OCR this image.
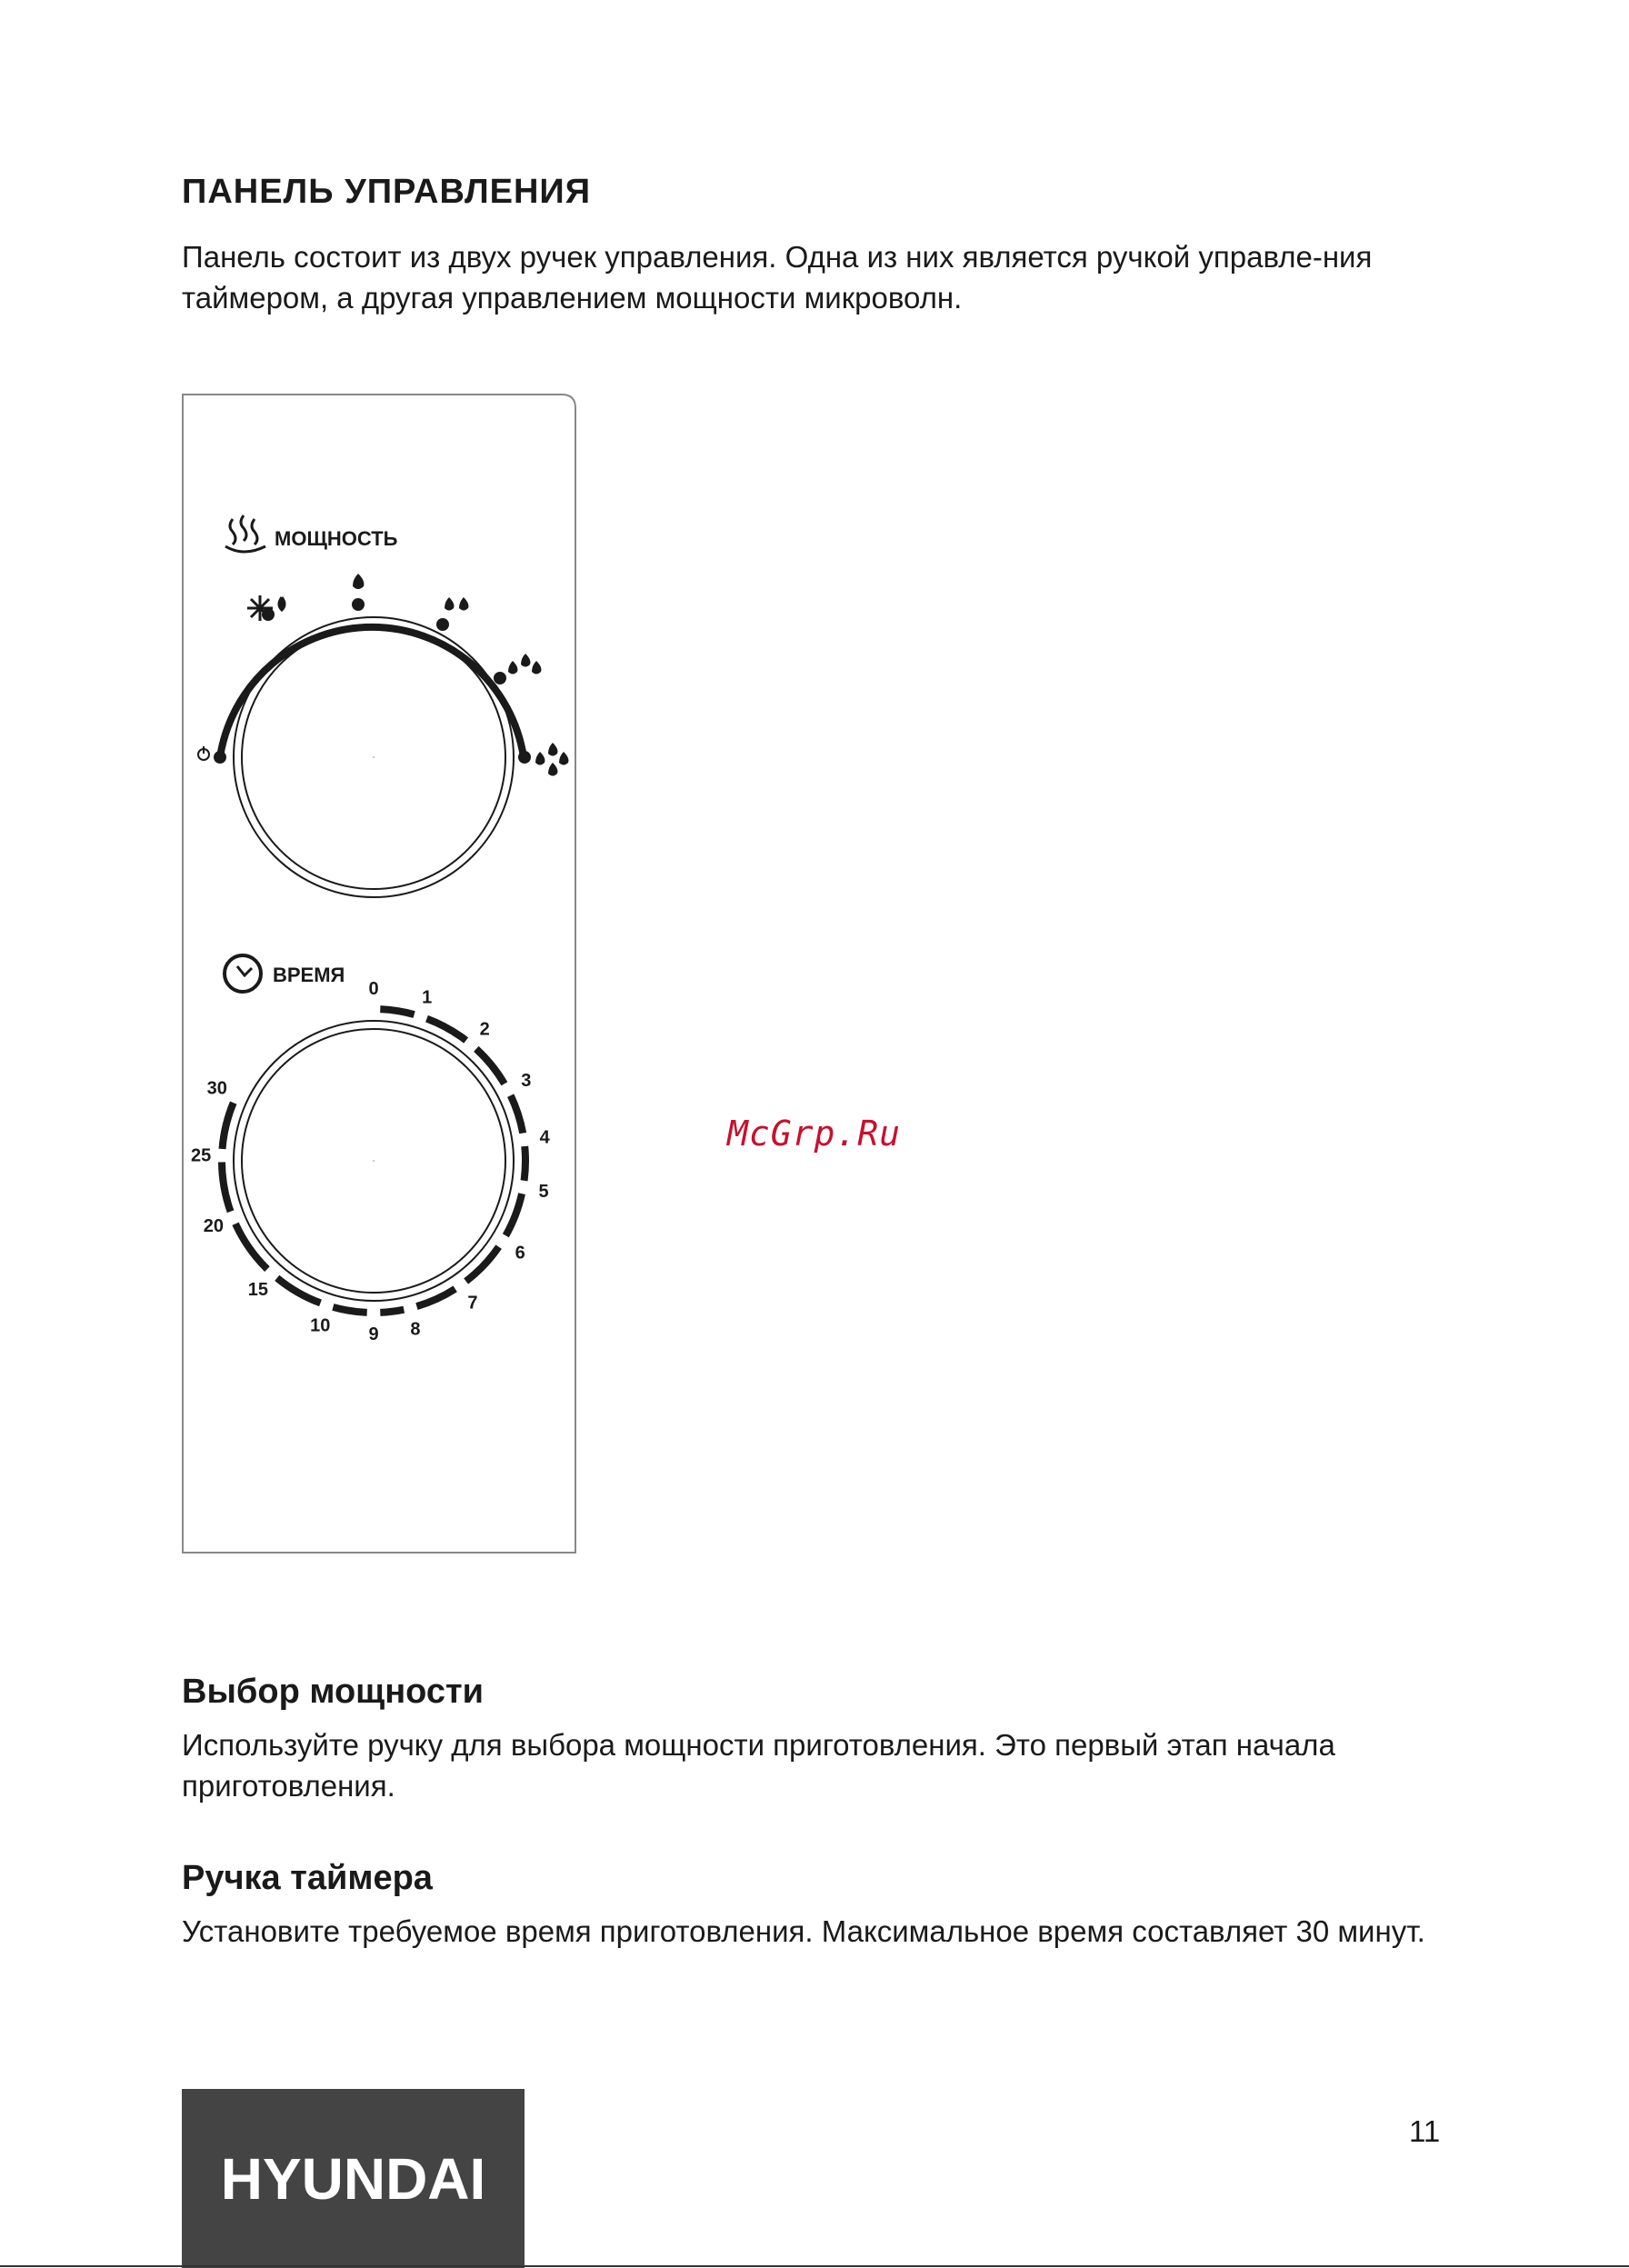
ПАНЕЛЬ УПРАВЛЕНИЯ

Панель состоит из двух ручек управления. Одна из них является ручкой управле-ния таймером, а другая управлением мощности микроволн.

МОЩНОСТЬ
ВРЕМЯ
0 1
2
3
4
5
6
7
8
9
10
15
20
25
30
McGrp.Ru
Выбор мощности

Используйте ручку для выбора мощности приготовления. Это первый этап начала приготовления.

Ручка таймера

Установите требуемое время приготовления. Максимальное время составляет 30 минут.

HYUNDAI
11
